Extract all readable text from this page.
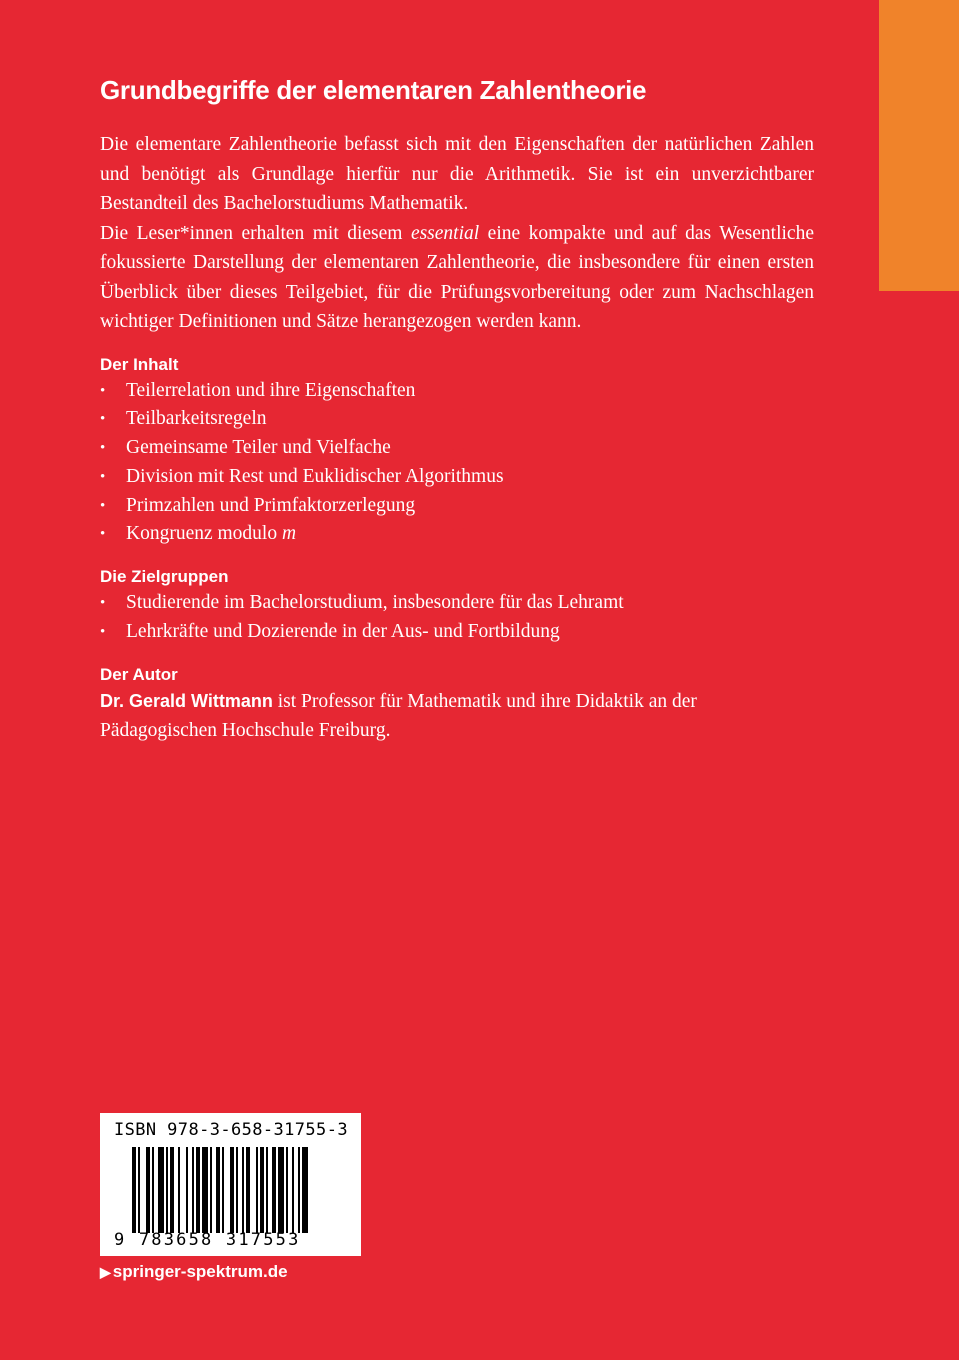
Grundbegriffe der elementaren Zahlentheorie

Die elementare Zahlentheorie befasst sich mit den Eigenschaften der natürlichen Zahlen und benötigt als Grundlage hierfür nur die Arithmetik. Sie ist ein unverzichtbarer Bestandteil des Bachelorstudiums Mathematik.

Die Leser*innen erhalten mit diesem essential eine kompakte und auf das Wesentliche fokussierte Darstellung der elementaren Zahlentheorie, die insbesondere für einen ersten Überblick über dieses Teilgebiet, für die Prüfungsvorbereitung oder zum Nachschlagen wichtiger Definitionen und Sätze herangezogen werden kann.

Der Inhalt
• Teilerrelation und ihre Eigenschaften
• Teilbarkeitsregeln
• Gemeinsame Teiler und Vielfache
• Division mit Rest und Euklidischer Algorithmus
• Primzahlen und Primfaktorzerlegung
• Kongruenz modulo m
Die Zielgruppen
• Studierende im Bachelorstudium, insbesondere für das Lehramt
• Lehrkräfte und Dozierende in der Aus- und Fortbildung
Der Autor

Dr. Gerald Wittmann ist Professor für Mathematik und ihre Didaktik an der Pädagogischen Hochschule Freiburg.

ISBN 978-3-658-31755-3
9 783658 317553
▶ springer-spektrum.de
